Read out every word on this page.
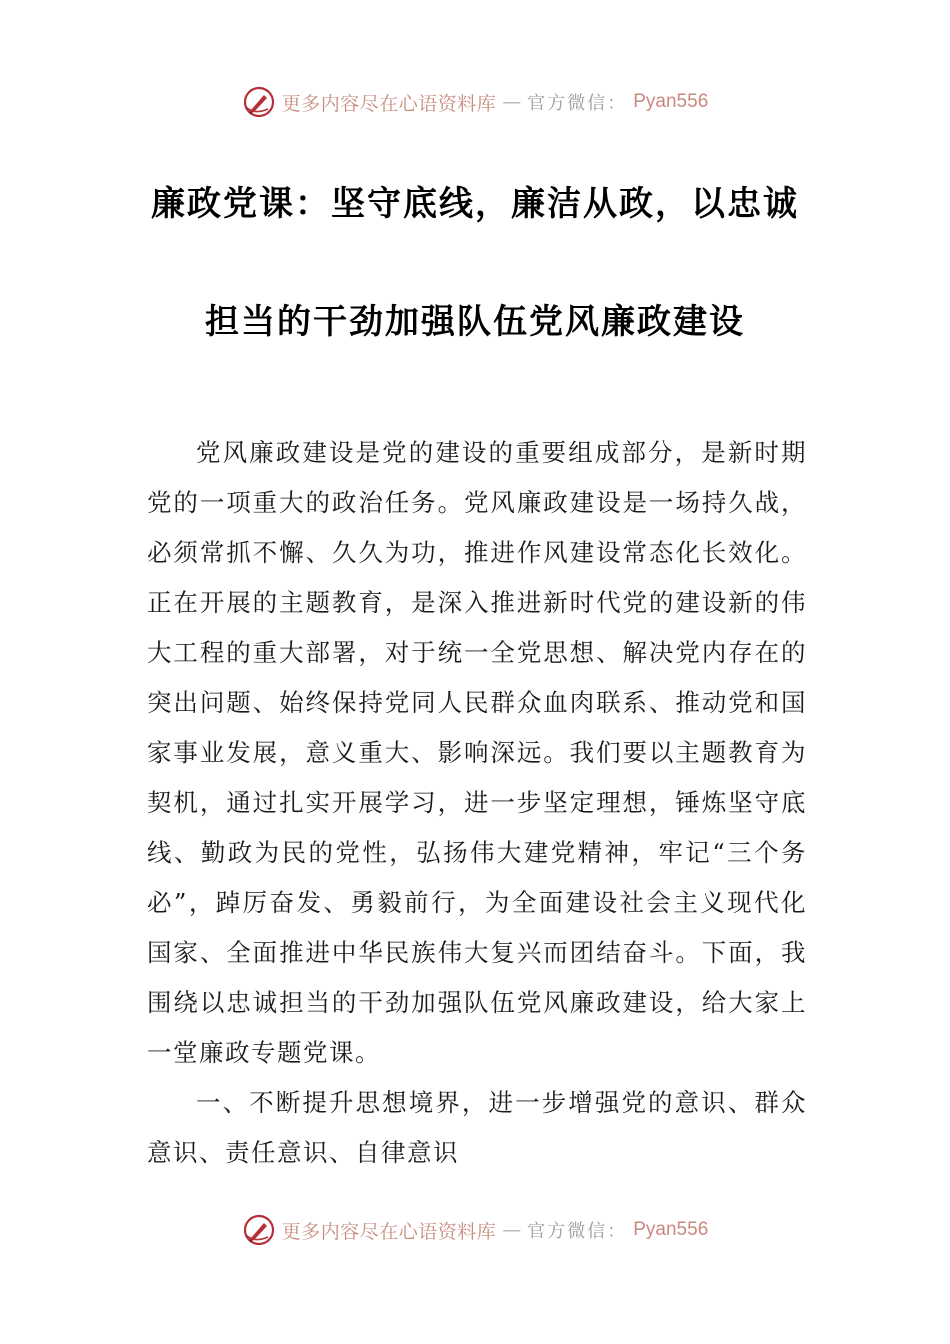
更多内容尽在心语资料库 — 官方微信： Pyan556
廉政党课：坚守底线，廉洁从政，以忠诚
担当的干劲加强队伍党风廉政建设

党风廉政建设是党的建设的重要组成部分，是新时期党的一项重大的政治任务。党风廉政建设是一场持久战，必须常抓不懈、久久为功，推进作风建设常态化长效化。正在开展的主题教育，是深入推进新时代党的建设新的伟大工程的重大部署，对于统一全党思想、解决党内存在的突出问题、始终保持党同人民群众血肉联系、推动党和国家事业发展，意义重大、影响深远。我们要以主题教育为契机，通过扎实开展学习，进一步坚定理想，锤炼坚守底线、勤政为民的党性，弘扬伟大建党精神，牢记“三个务必”，踔厉奋发、勇毅前行，为全面建设社会主义现代化国家、全面推进中华民族伟大复兴而团结奋斗。下面，我围绕以忠诚担当的干劲加强队伍党风廉政建设，给大家上一堂廉政专题党课。

一、不断提升思想境界，进一步增强党的意识、群众意识、责任意识、自律意识

更多内容尽在心语资料库 — 官方微信： Pyan556
